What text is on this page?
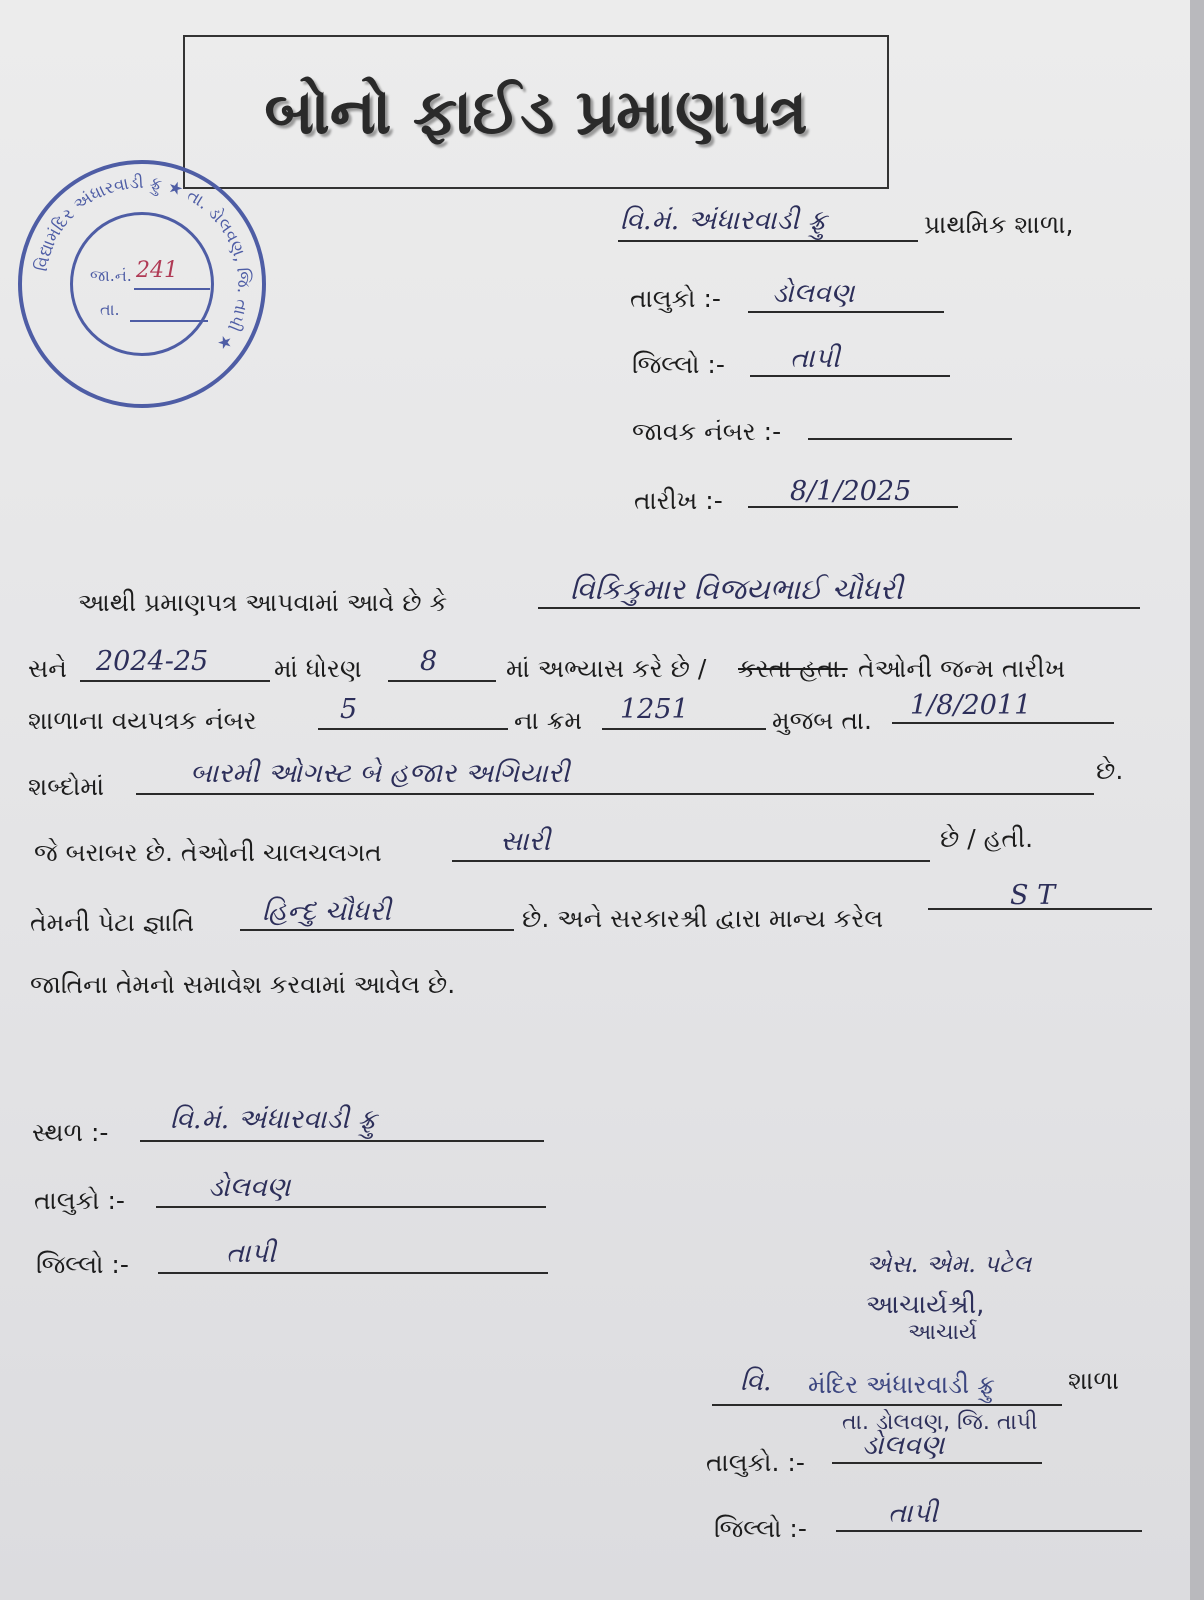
બોનો ફાઈડ પ્રમાણપત્ર
વિદ્યામંદિર અંધારવાડી ફ્રુ ★ તા. ડોલવણ, જિ. તાપી ★
જા.નં. 241
તા.
વિ.મં. અંધારવાડી ફ્રુ	પ્રાથમિક શાળા,
તાલુકો :- ડોલવણ
જિલ્લો :- તાપી
જાવક નંબર :-
તારીખ :- 8/1/2025
આથી પ્રમાણપત્ર આપવામાં આવે છે કે	વિકિકુમાર વિજયભાઈ ચૌધરી
સને 2024-25	માં ધોરણ 8	માં અભ્યાસ કરે છે / કરતા હતા. તેઓની જન્મ તારીખ
શાળાના વયપત્રક નંબર	5	ના ક્રમ 1251	મુજબ તા. 1/8/2011
શબ્દોમાં	બારમી ઓગસ્ટ બે હજાર અગિયારી	છે.
જે બરાબર છે. તેઓની ચાલચલગત	સારી	છે / હતી.
તેમની પેટા જ્ઞાતિ	હિન્દુ ચૌધરી	છે. અને સરકારશ્રી દ્વારા માન્ય કરેલ
S T
જાતિના તેમનો સમાવેશ કરવામાં આવેલ છે.
સ્થળ :- વિ.મં. અંધારવાડી ફ્રુ
તાલુકો :-	ડોલવણ
જિલ્લો :-	તાપી	એસ. એમ. પટેલ
આચાર્યશ્રી,
આચાર્ય
વિ. મંદિર અંધારવાડી ફ્રુ	શાળા
તા. ડોલવણ, જિ. તાપી
તાલુકો. :-
ડોલવણ
જિલ્લો :-	તાપી
